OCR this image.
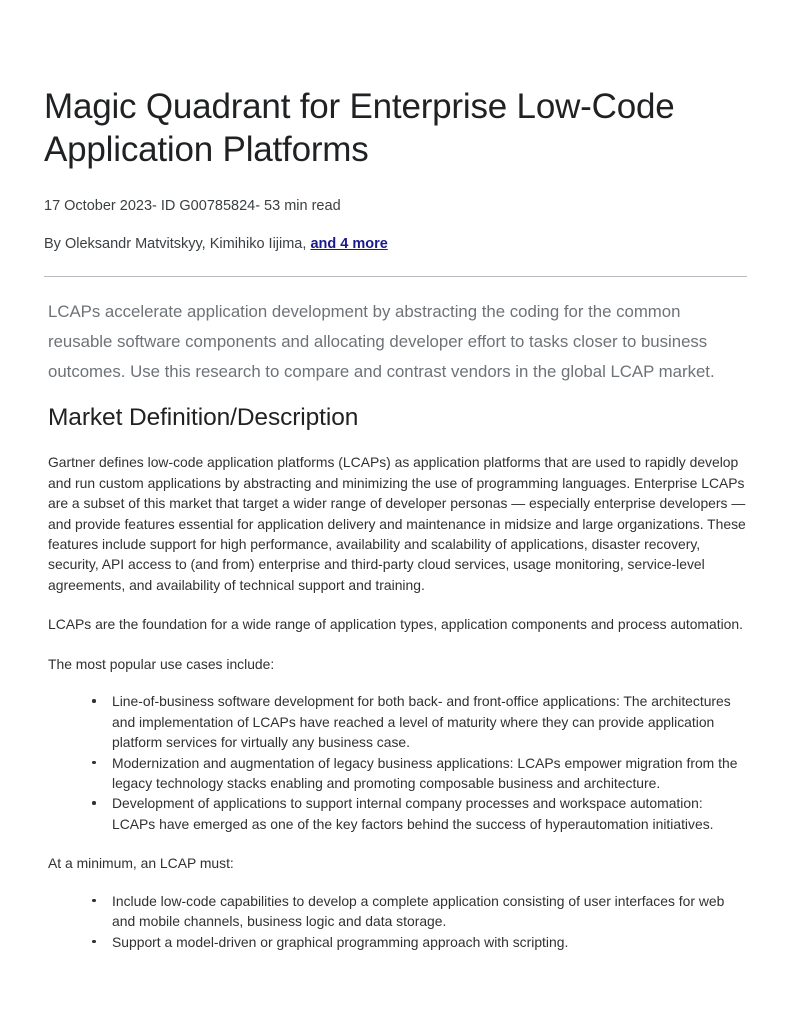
Magic Quadrant for Enterprise Low-Code Application Platforms
17 October 2023- ID G00785824- 53 min read
By Oleksandr Matvitskyy, Kimihiko Iijima, and 4 more

LCAPs accelerate application development by abstracting the coding for the common reusable software components and allocating developer effort to tasks closer to business outcomes. Use this research to compare and contrast vendors in the global LCAP market.

Market Definition/Description

Gartner defines low-code application platforms (LCAPs) as application platforms that are used to rapidly develop and run custom applications by abstracting and minimizing the use of programming languages. Enterprise LCAPs are a subset of this market that target a wider range of developer personas — especially enterprise developers — and provide features essential for application delivery and maintenance in midsize and large organizations. These features include support for high performance, availability and scalability of applications, disaster recovery, security, API access to (and from) enterprise and third-party cloud services, usage monitoring, service-level agreements, and availability of technical support and training.

LCAPs are the foundation for a wide range of application types, application components and process automation.

The most popular use cases include:

Line-of-business software development for both back- and front-office applications: The architectures and implementation of LCAPs have reached a level of maturity where they can provide application platform services for virtually any business case.
Modernization and augmentation of legacy business applications: LCAPs empower migration from the legacy technology stacks enabling and promoting composable business and architecture.
Development of applications to support internal company processes and workspace automation: LCAPs have emerged as one of the key factors behind the success of hyperautomation initiatives.

At a minimum, an LCAP must:

Include low-code capabilities to develop a complete application consisting of user interfaces for web and mobile channels, business logic and data storage.
Support a model-driven or graphical programming approach with scripting.
